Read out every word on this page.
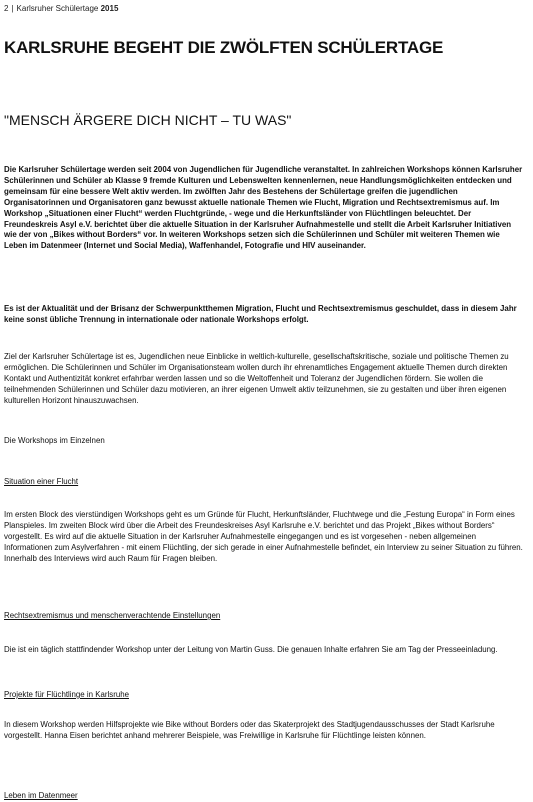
2 | Karlsruher Schülertage 2015
KARLSRUHE BEGEHT DIE ZWÖLFTEN SCHÜLERTAGE
"MENSCH ÄRGERE DICH NICHT – TU WAS"

Die Karlsruher Schülertage werden seit 2004 von Jugendlichen für Jugendliche veranstaltet. In zahlreichen Workshops können Karlsruher Schülerinnen und Schüler ab Klasse 9 fremde Kulturen und Lebenswelten kennenlernen, neue Handlungsmöglichkeiten entdecken und gemeinsam für eine bessere Welt aktiv werden. Im zwölften Jahr des Bestehens der Schülertage greifen die jugendlichen Organisatorinnen und Organisatoren ganz bewusst aktuelle nationale Themen wie Flucht, Migration und Rechtsextremismus auf. Im Workshop „Situationen einer Flucht“ werden Fluchtgründe, - wege und die Herkunftsländer von Flüchtlingen beleuchtet. Der Freundeskreis Asyl e.V. berichtet über die aktuelle Situation in der Karlsruher Aufnahmestelle und stellt die Arbeit Karlsruher Initiativen wie der von „Bikes without Borders“ vor. In weiteren Workshops setzen sich die Schülerinnen und Schüler mit weiteren Themen wie Leben im Datenmeer (Internet und Social Media), Waffenhandel, Fotografie und HIV auseinander.

Es ist der Aktualität und der Brisanz der Schwerpunktthemen Migration, Flucht und Rechtsextremismus geschuldet, dass in diesem Jahr keine sonst übliche Trennung in internationale oder nationale Workshops erfolgt.

Ziel der Karlsruher Schülertage ist es, Jugendlichen neue Einblicke in weltlich-kulturelle, gesellschaftskritische, soziale und politische Themen zu ermöglichen. Die Schülerinnen und Schüler im Organisationsteam wollen durch ihr ehrenamtliches Engagement aktuelle Themen durch direkten Kontakt und Authentizität konkret erfahrbar werden lassen und so die Weltoffenheit und Toleranz der Jugendlichen fördern. Sie wollen die teilnehmenden Schülerinnen und Schüler dazu motivieren, an ihrer eigenen Umwelt aktiv teilzunehmen, sie zu gestalten und über ihren eigenen kulturellen Horizont hinauszuwachsen.

Die Workshops im Einzelnen

Situation einer Flucht

Im ersten Block des vierstündigen Workshops geht es um Gründe für Flucht, Herkunftsländer, Fluchtwege und die „Festung Europa“ in Form eines Planspieles. Im zweiten Block wird über die Arbeit des Freundeskreises Asyl Karlsruhe e.V. berichtet und das Projekt „Bikes without Borders“ vorgestellt. Es wird auf die aktuelle Situation in der Karlsruher Aufnahmestelle eingegangen und es ist vorgesehen - neben allgemeinen Informationen zum Asylverfahren - mit einem Flüchtling, der sich gerade in einer Aufnahmestelle befindet, ein Interview zu seiner Situation zu führen. Innerhalb des Interviews wird auch Raum für Fragen bleiben.

Rechtsextremismus und menschenverachtende Einstellungen

Die ist ein täglich stattfindender Workshop unter der Leitung von Martin Guss. Die genauen Inhalte erfahren Sie am Tag der Presseeinladung.

Projekte für Flüchtlinge in Karlsruhe

In diesem Workshop werden Hilfsprojekte wie Bike without Borders oder das Skaterprojekt des Stadtjugendausschusses der Stadt Karlsruhe vorgestellt. Hanna Eisen berichtet anhand mehrerer Beispiele, was Freiwillige in Karlsruhe für Flüchtlinge leisten können.

Leben im Datenmeer
